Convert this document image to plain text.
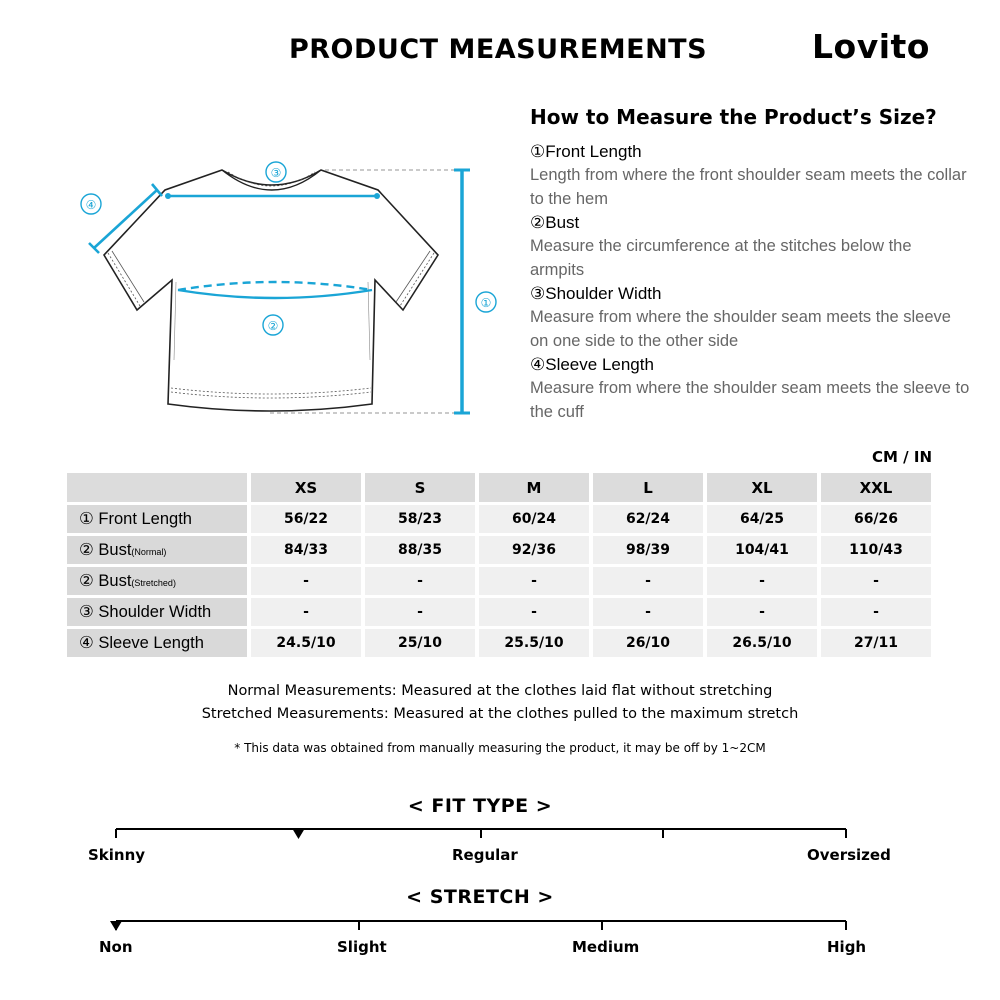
PRODUCT MEASUREMENTS	Lovito
③
④
②
①
How to Measure the Product’s Size?
①Front Length
Length from where the front shoulder seam meets the collar to the hem
②Bust
Measure the circumference at the stitches below the armpits
③Shoulder Width
Measure from where the shoulder seam meets the sleeve on one side to the other side
④Sleeve Length
Measure from where the shoulder seam meets the sleeve to the cuff
CM / IN
	XS	S	M	L	XL	XXL
① Front Length	56/22	58/23	60/24	62/24	64/25	66/26
② Bust(Normal)	84/33	88/35	92/36	98/39	104/41	110/43
② Bust(Stretched)	-	-	-	-	-	-
③ Shoulder Width	-	-	-	-	-	-
④ Sleeve Length	24.5/10	25/10	25.5/10	26/10	26.5/10	27/11
Normal Measurements: Measured at the clothes laid flat without stretching
Stretched Measurements: Measured at the clothes pulled to the maximum stretch
* This data was obtained from manually measuring the product, it may be off by 1~2CM
< FIT TYPE >
Skinny	Regular	Oversized
< STRETCH >
Non	Slight	Medium	High
